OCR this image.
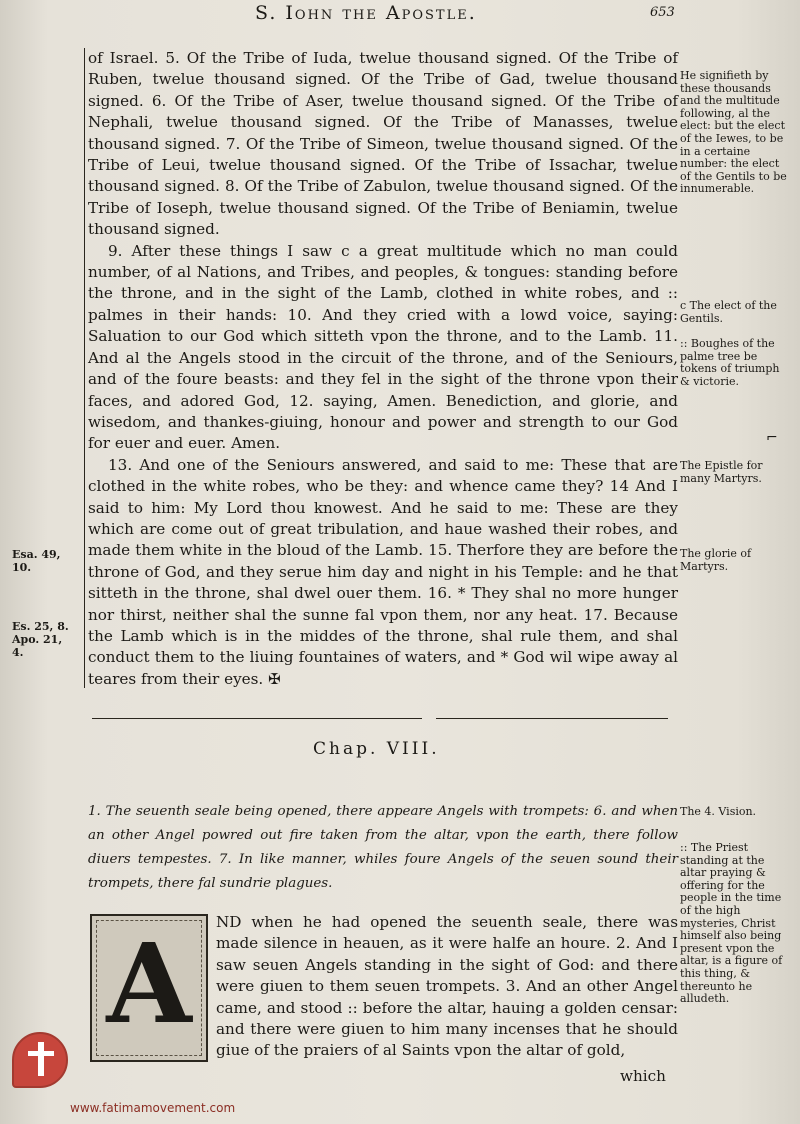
S. Iohn the Apostle.	653

of Israel. 5. Of the Tribe of Iuda, twelue thousand signed. Of the Tribe of Ruben, twelue thousand signed. Of the Tribe of Gad, twelue thousand signed. 6. Of the Tribe of Aser, twelue thousand signed. Of the Tribe of Nephali, twelue thousand signed. Of the Tribe of Manasses, twelue thousand signed. 7. Of the Tribe of Simeon, twelue thousand signed. Of the Tribe of Leui, twelue thousand signed. Of the Tribe of Issachar, twelue thousand signed. 8. Of the Tribe of Zabulon, twelue thousand signed. Of the Tribe of Ioseph, twelue thousand signed. Of the Tribe of Beniamin, twelue thousand signed.

9. After these things I saw c a great multitude which no man could number, of al Nations, and Tribes, and peoples, & tongues: standing before the throne, and in the sight of the Lamb, clothed in white robes, and :: palmes in their hands: 10. And they cried with a lowd voice, saying: Saluation to our God which sitteth vpon the throne, and to the Lamb. 11. And al the Angels stood in the circuit of the throne, and of the Seniours, and of the foure beasts: and they fel in the sight of the throne vpon their faces, and adored God, 12. saying, Amen. Benediction, and glorie, and wisedom, and thankes-giuing, honour and power and strength to our God for euer and euer. Amen.

13. And one of the Seniours answered, and said to me: These that are clothed in the white robes, who be they: and whence came they? 14 And I said to him: My Lord thou knowest. And he said to me: These are they which are come out of great tribulation, and haue washed their robes, and made them white in the bloud of the Lamb. 15. Therfore they are before the throne of God, and they serue him day and night in his Temple: and he that sitteth in the throne, shal dwel ouer them. 16. * They shal no more hunger nor thirst, neither shal the sunne fal vpon them, nor any heat. 17. Because the Lamb which is in the middes of the throne, shal rule them, and shal conduct them to the liuing fountaines of waters, and * God wil wipe away al teares from their eyes. ✠

Esa. 49, 10.
Es. 25, 8. Apo. 21, 4.
He signifieth by these thousands and the multitude following, al the elect: but the elect of the Iewes, to be in a certaine number: the elect of the Gentils to be innumerable.
c The elect of the Gentils.
:: Boughes of the palme tree be tokens of triumph & victorie.
The Epistle for many Martyrs.
The glorie of Martyrs.
The 4. Vision.
:: The Priest standing at the altar praying & offering for the people in the time of the high mysteries, Christ himself also being present vpon the altar, is a figure of this thing, & thereunto he alludeth.
⌐
Chap. VIII.
1. The seuenth seale being opened, there appeare Angels with trompets: 6. and when an other Angel powred out fire taken from the altar, vpon the earth, there follow diuers tempestes. 7. In like manner, whiles foure Angels of the seuen sound their trompets, there fal sundrie plagues.
A	ND when he had opened the seuenth seale, there was made silence in heauen, as it were halfe an houre. 2. And I saw seuen Angels standing in the sight of God: and there were giuen to them seuen trompets. 3. And an other Angel came, and stood :: before the altar, hauing a golden censar: and there were giuen to him many incenses that he should giue of the praiers of al Saints vpon the altar of gold,

which
www.fatimamovement.com
